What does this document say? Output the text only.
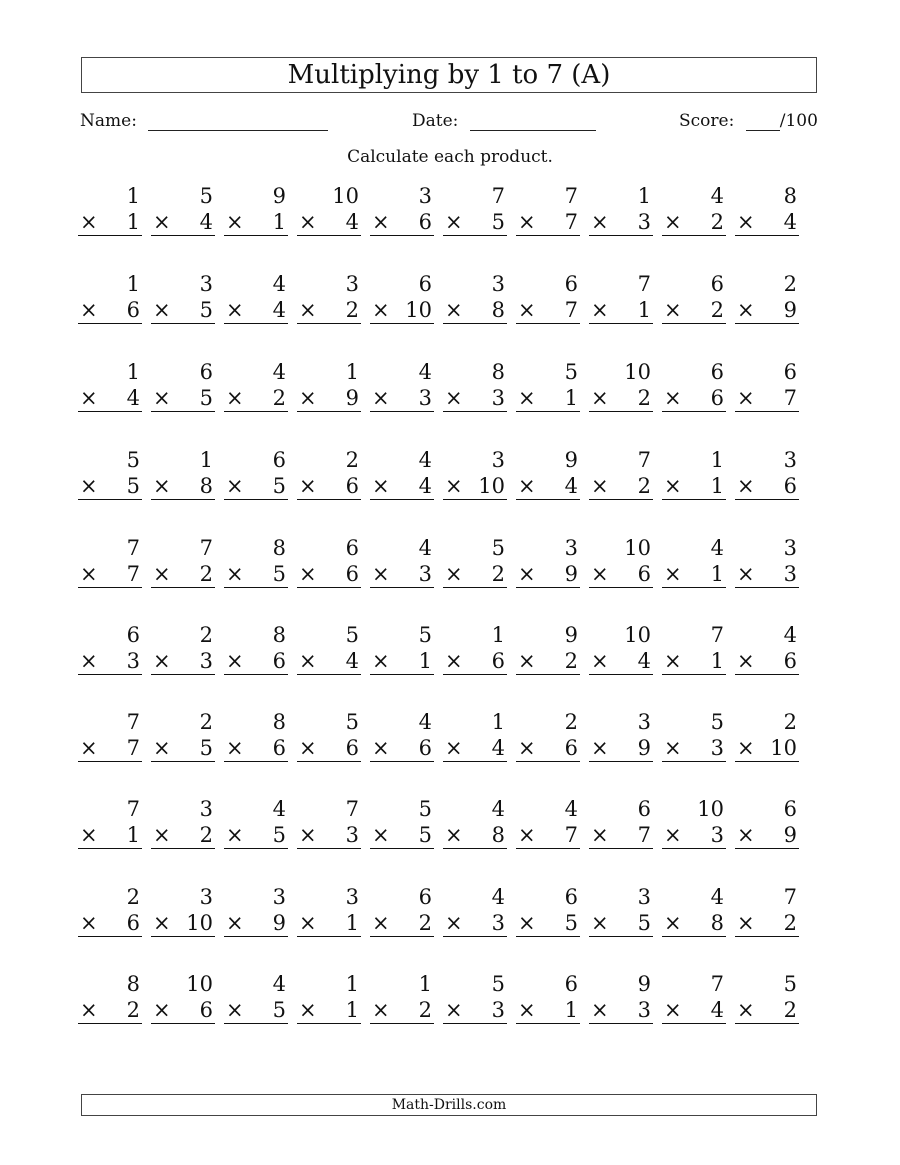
Multiplying by 1 to 7 (A)
Name:	Date:	Score:	/100
Calculate each product.
1
× 1
5
× 4
9
× 1
10
× 4
3
× 6
7
× 5
7
× 7
1
× 3
4
× 2
8
× 4
1
× 6
3
× 5
4
× 4
3
× 2
6
× 10
3
× 8
6
× 7
7
× 1
6
× 2
2
× 9
1
× 4
6
× 5
4
× 2
1
× 9
4
× 3
8
× 3
5
× 1
10
× 2
6
× 6
6
× 7
5
× 5
1
× 8
6
× 5
2
× 6
4
× 4
3
× 10
9
× 4
7
× 2
1
× 1
3
× 6
7
× 7
7
× 2
8
× 5
6
× 6
4
× 3
5
× 2
3
× 9
10
× 6
4
× 1
3
× 3
6
× 3
2
× 3
8
× 6
5
× 4
5
× 1
1
× 6
9
× 2
10
× 4
7
× 1
4
× 6
7
× 7
2
× 5
8
× 6
5
× 6
4
× 6
1
× 4
2
× 6
3
× 9
5
× 3
2
× 10
7
× 1
3
× 2
4
× 5
7
× 3
5
× 5
4
× 8
4
× 7
6
× 7
10
× 3
6
× 9
2
× 6
3
× 10
3
× 9
3
× 1
6
× 2
4
× 3
6
× 5
3
× 5
4
× 8
7
× 2
8
× 2
10
× 6
4
× 5
1
× 1
1
× 2
5
× 3
6
× 1
9
× 3
7
× 4
5
× 2
Math-Drills.com
